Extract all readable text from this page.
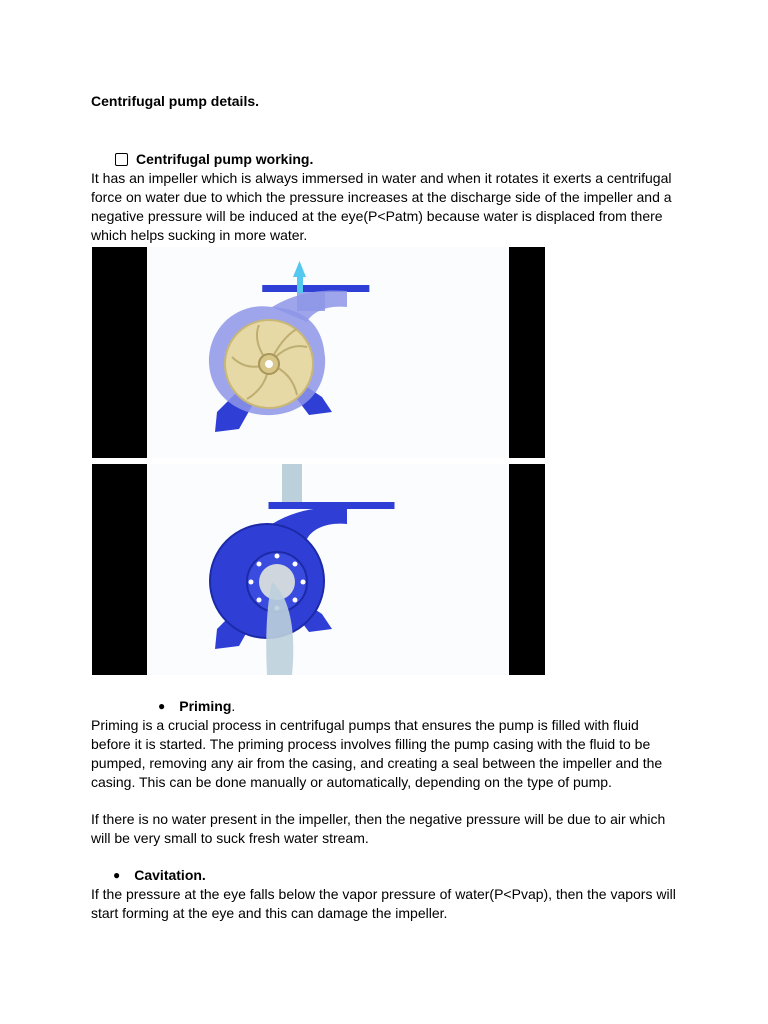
Centrifugal pump details.
Centrifugal pump working.

It has an impeller which is always immersed in water and when it rotates it exerts a centrifugal force on water due to which the pressure increases at the discharge side of the impeller and a negative pressure will be induced at the eye(P<Patm) because water is displaced from there which helps sucking in more water.

● Priming .

Priming is a crucial process in centrifugal pumps that ensures the pump is filled with fluid before it is started. The priming process involves filling the pump casing with the fluid to be pumped, removing any air from the casing, and creating a seal between the impeller and the casing. This can be done manually or automatically, depending on the type of pump.

If there is no water present in the impeller, then the negative pressure will be due to air which will be very small to suck fresh water stream.

● Cavitation.

If the pressure at the eye falls below the vapor pressure of water(P<Pvap), then the vapors will start forming at the eye and this can damage the impeller.
